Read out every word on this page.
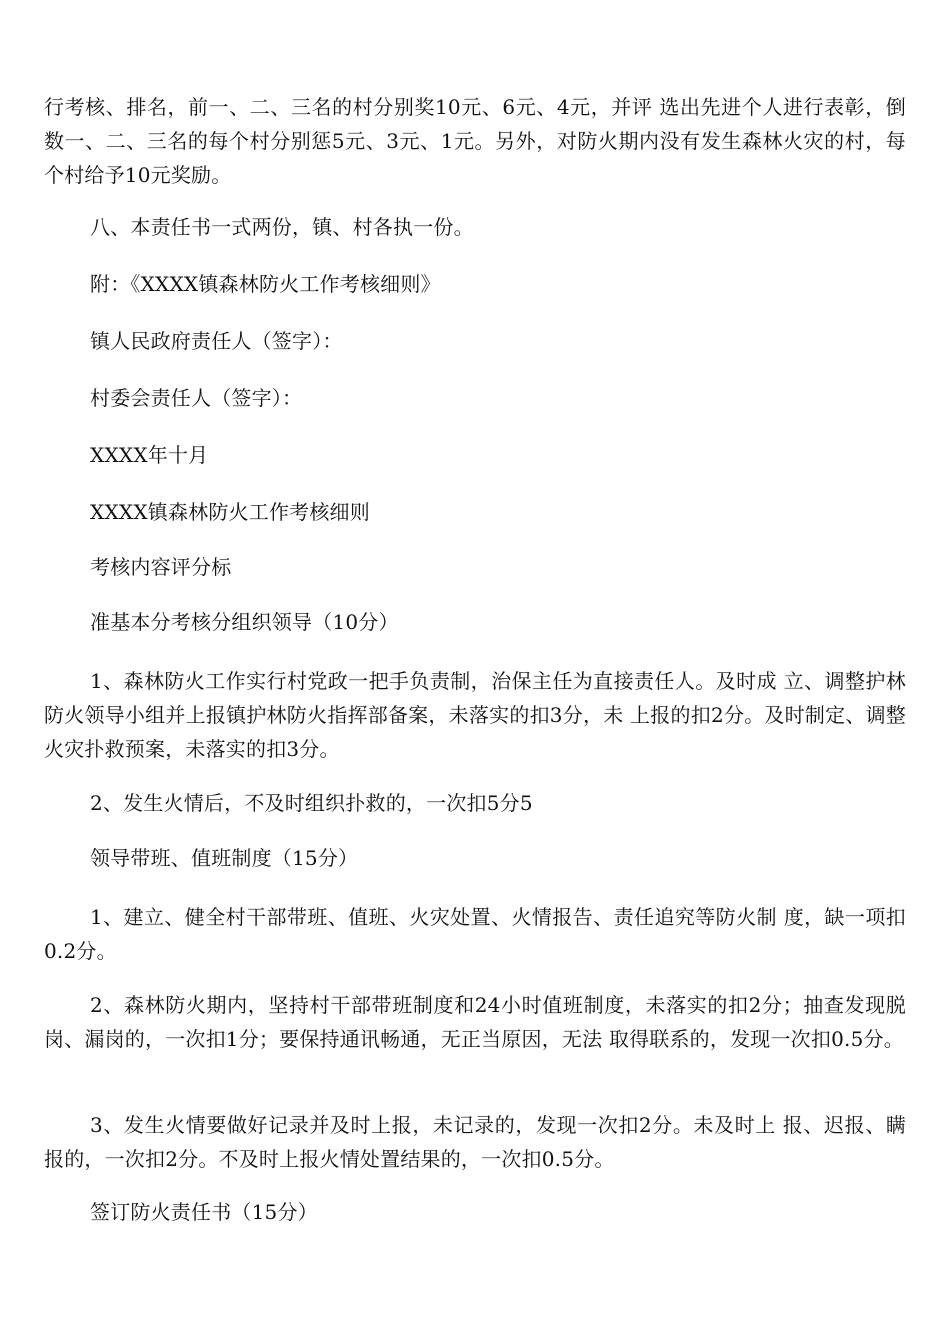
行考核、排名，前一、二、三名的村分别奖10元、6元、4元，并评 选出先进个人进行表彰，倒数一、二、三名的每个村分别惩5元、3元、1元。另外，对防火期内没有发生森林火灾的村，每个村给予10元奖励。

八、本责任书一式两份，镇、村各执一份。

附：《XXXX镇森林防火工作考核细则》

镇人民政府责任人（签字）：

村委会责任人（签字）：

XXXX年十月

XXXX镇森林防火工作考核细则

考核内容评分标

准基本分考核分组织领导（10分）

1、森林防火工作实行村党政一把手负责制，治保主任为直接责任人。及时成 立、调整护林防火领导小组并上报镇护林防火指挥部备案，未落实的扣3分，未 上报的扣2分。及时制定、调整火灾扑救预案，未落实的扣3分。

2、发生火情后，不及时组织扑救的，一次扣5分5

领导带班、值班制度（15分）

1、建立、健全村干部带班、值班、火灾处置、火情报告、责任追究等防火制 度，缺一项扣0.2分。

2、森林防火期内，坚持村干部带班制度和24小时值班制度，未落实的扣2分；抽查发现脱岗、漏岗的，一次扣1分；要保持通讯畅通，无正当原因，无法 取得联系的，发现一次扣0.5分。

3、发生火情要做好记录并及时上报，未记录的，发现一次扣2分。未及时上 报、迟报、瞒报的，一次扣2分。不及时上报火情处置结果的，一次扣0.5分。

签订防火责任书（15分）
